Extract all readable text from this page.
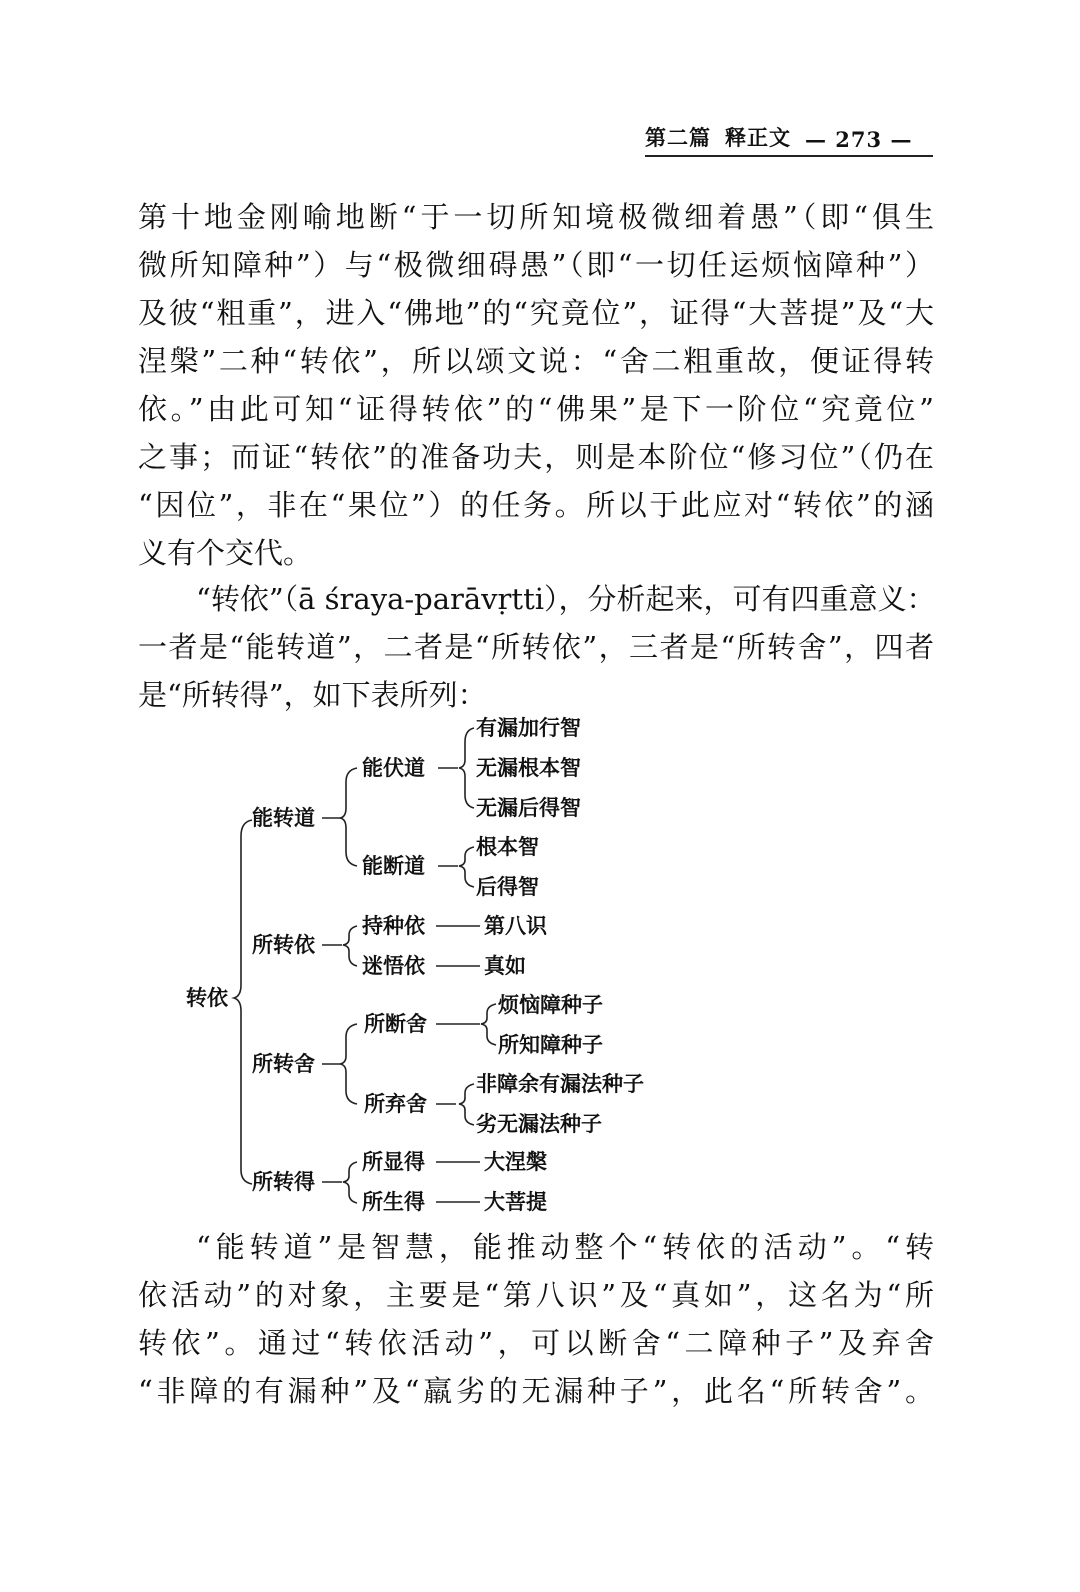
第二篇 释正文 — 273 —
第十地金刚喻地断“于一切所知境极微细着愚”（即“俱生
微所知障种”）与“极微细碍愚”（即“一切任运烦恼障种”）
及彼“粗重”，进入“佛地”的“究竟位”，证得“大菩提”及“大
涅槃”二种“转依”，所以颂文说：“舍二粗重故，便证得转
依。”由此可知“证得转依”的“佛果”是下一阶位“究竟位”
之事；而证“转依”的准备功夫，则是本阶位“修习位”（仍在
“因位”，非在“果位”）的任务。所以于此应对“转依”的涵
义有个交代。
“转依”（ā śraya-parāvṛtti），分析起来，可有四重意义：
一者是“能转道”，二者是“所转依”，三者是“所转舍”，四者
是“所转得”，如下表所列：
转依
能转道
能伏道
有漏加行智
无漏根本智
无漏后得智
能断道
根本智
后得智
所转依
持种依	第八识
迷悟依	真如
所转舍
所断舍
烦恼障种子
所知障种子
所弃舍
非障余有漏法种子
劣无漏法种子
所转得
所显得	大涅槃
所生得	大菩提
“能转道”是智慧，能推动整个“转依的活动”。“转
依活动”的对象，主要是“第八识”及“真如”，这名为“所
转依”。通过“转依活动”，可以断舍“二障种子”及弃舍
“非障的有漏种”及“羸劣的无漏种子”，此名“所转舍”。
